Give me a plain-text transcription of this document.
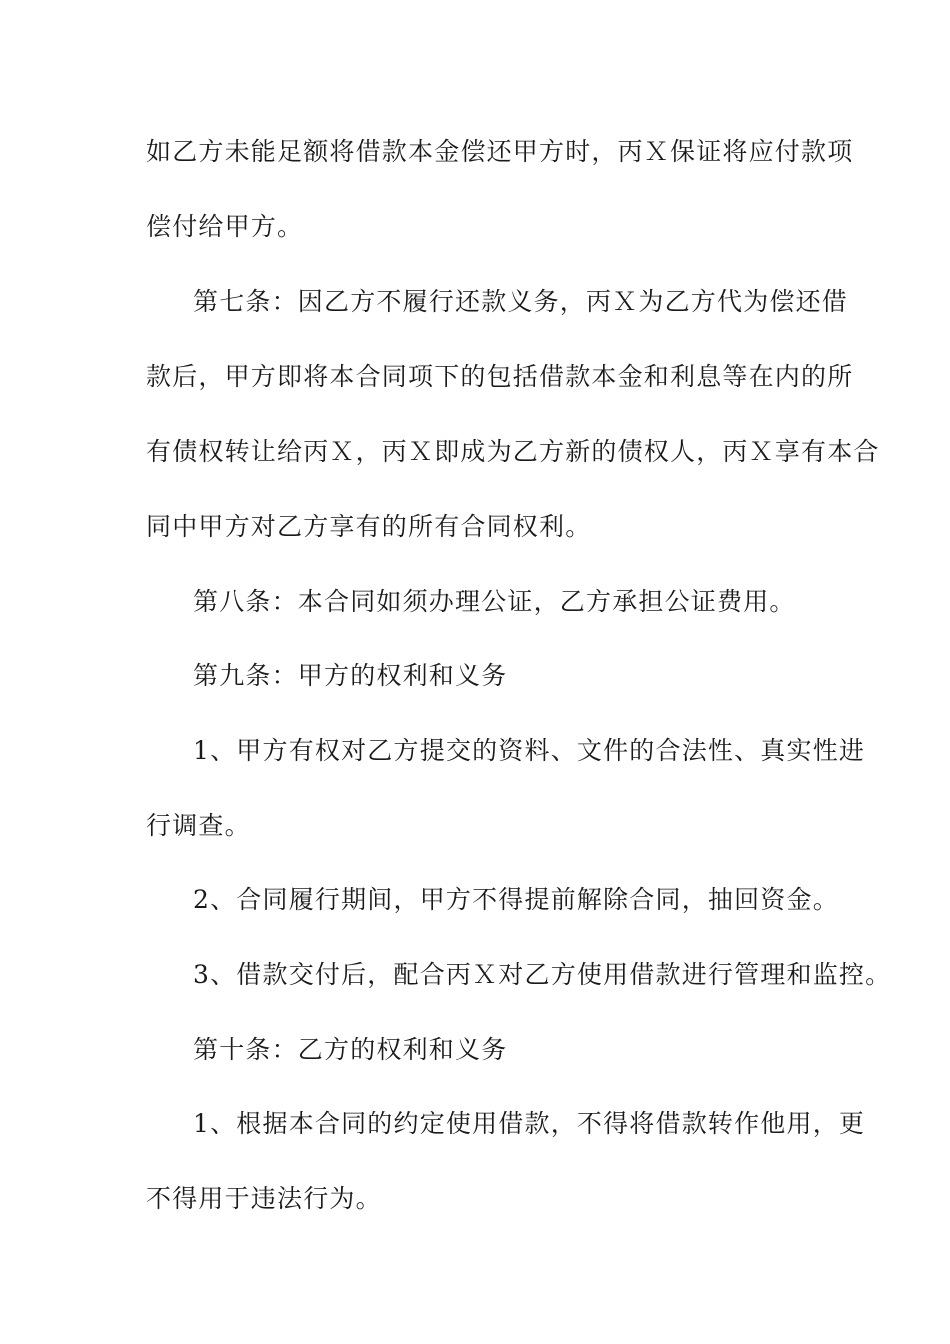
如乙方未能足额将借款本金偿还甲方时，丙Ｘ保证将应付款项
偿付给甲方。
第七条：因乙方不履行还款义务，丙Ｘ为乙方代为偿还借
款后，甲方即将本合同项下的包括借款本金和利息等在内的所
有债权转让给丙Ｘ，丙Ｘ即成为乙方新的债权人，丙Ｘ享有本合
同中甲方对乙方享有的所有合同权利。
第八条：本合同如须办理公证，乙方承担公证费用。
第九条：甲方的权利和义务
1、甲方有权对乙方提交的资料、文件的合法性、真实性进
行调查。
2、合同履行期间，甲方不得提前解除合同，抽回资金。
3、借款交付后，配合丙Ｘ对乙方使用借款进行管理和监控。
第十条：乙方的权利和义务
1、根据本合同的约定使用借款，不得将借款转作他用，更
不得用于违法行为。
